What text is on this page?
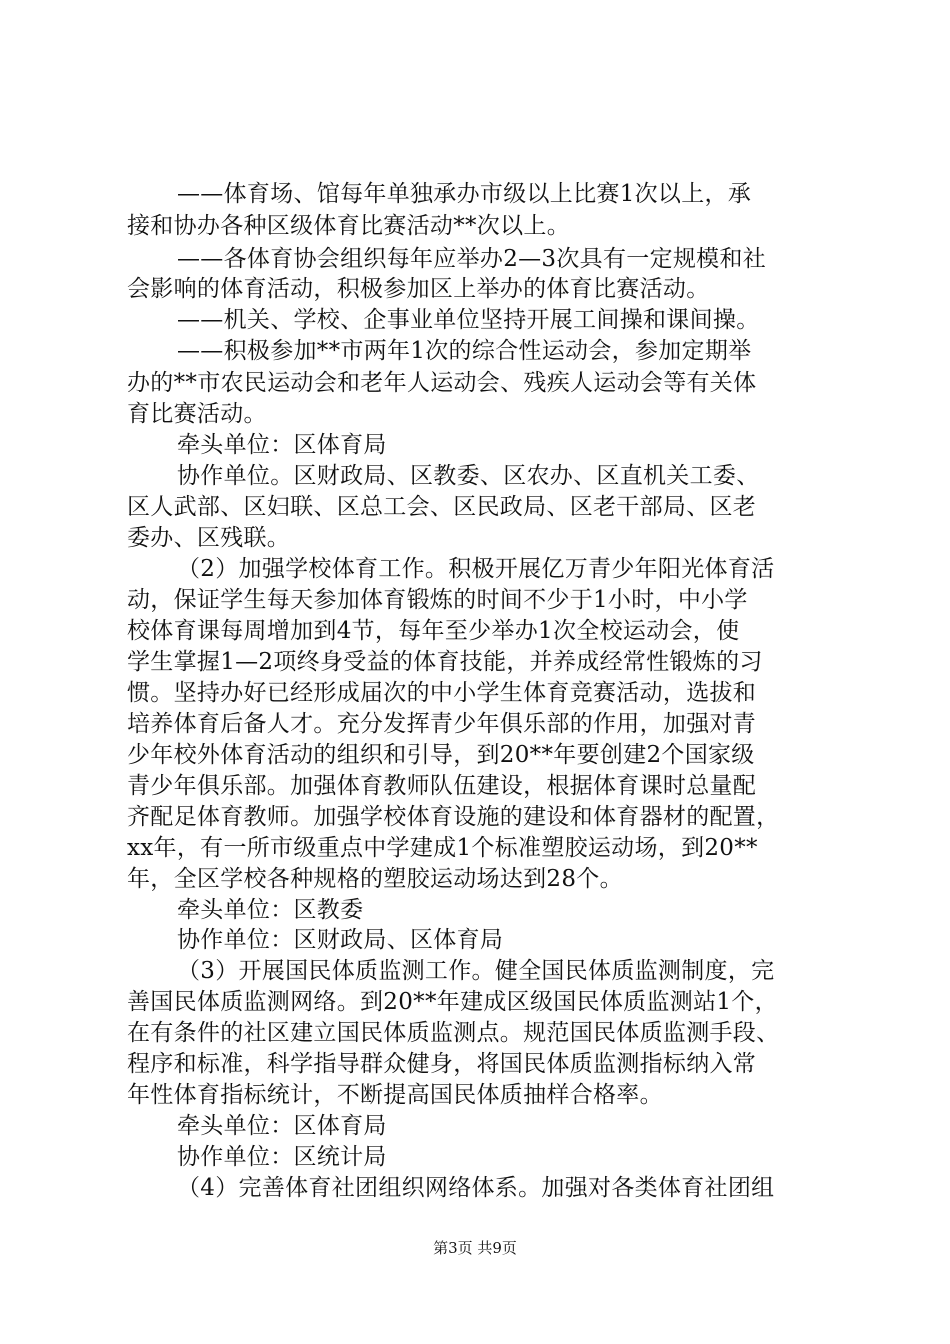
——体育场、馆每年单独承办市级以上比赛1次以上，承

接和协办各种区级体育比赛活动**次以上。

——各体育协会组织每年应举办2—3次具有一定规模和社

会影响的体育活动，积极参加区上举办的体育比赛活动。

——机关、学校、企事业单位坚持开展工间操和课间操。

——积极参加**市两年1次的综合性运动会，参加定期举

办的**市农民运动会和老年人运动会、残疾人运动会等有关体

育比赛活动。

牵头单位：区体育局

协作单位。区财政局、区教委、区农办、区直机关工委、

区人武部、区妇联、区总工会、区民政局、区老干部局、区老

委办、区残联。

（2）加强学校体育工作。积极开展亿万青少年阳光体育活

动，保证学生每天参加体育锻炼的时间不少于1小时，中小学

校体育课每周增加到4节，每年至少举办1次全校运动会，使

学生掌握1—2项终身受益的体育技能，并养成经常性锻炼的习

惯。坚持办好已经形成届次的中小学生体育竞赛活动，选拔和

培养体育后备人才。充分发挥青少年俱乐部的作用，加强对青

少年校外体育活动的组织和引导，到20**年要创建2个国家级

青少年俱乐部。加强体育教师队伍建设，根据体育课时总量配

齐配足体育教师。加强学校体育设施的建设和体育器材的配置，

xx年，有一所市级重点中学建成1个标准塑胶运动场，到20**

年，全区学校各种规格的塑胶运动场达到28个。

牵头单位：区教委

协作单位：区财政局、区体育局

（3）开展国民体质监测工作。健全国民体质监测制度，完

善国民体质监测网络。到20**年建成区级国民体质监测站1个，

在有条件的社区建立国民体质监测点。规范国民体质监测手段、

程序和标准，科学指导群众健身，将国民体质监测指标纳入常

年性体育指标统计，不断提高国民体质抽样合格率。

牵头单位：区体育局

协作单位：区统计局

（4）完善体育社团组织网络体系。加强对各类体育社团组

第3页 共9页
